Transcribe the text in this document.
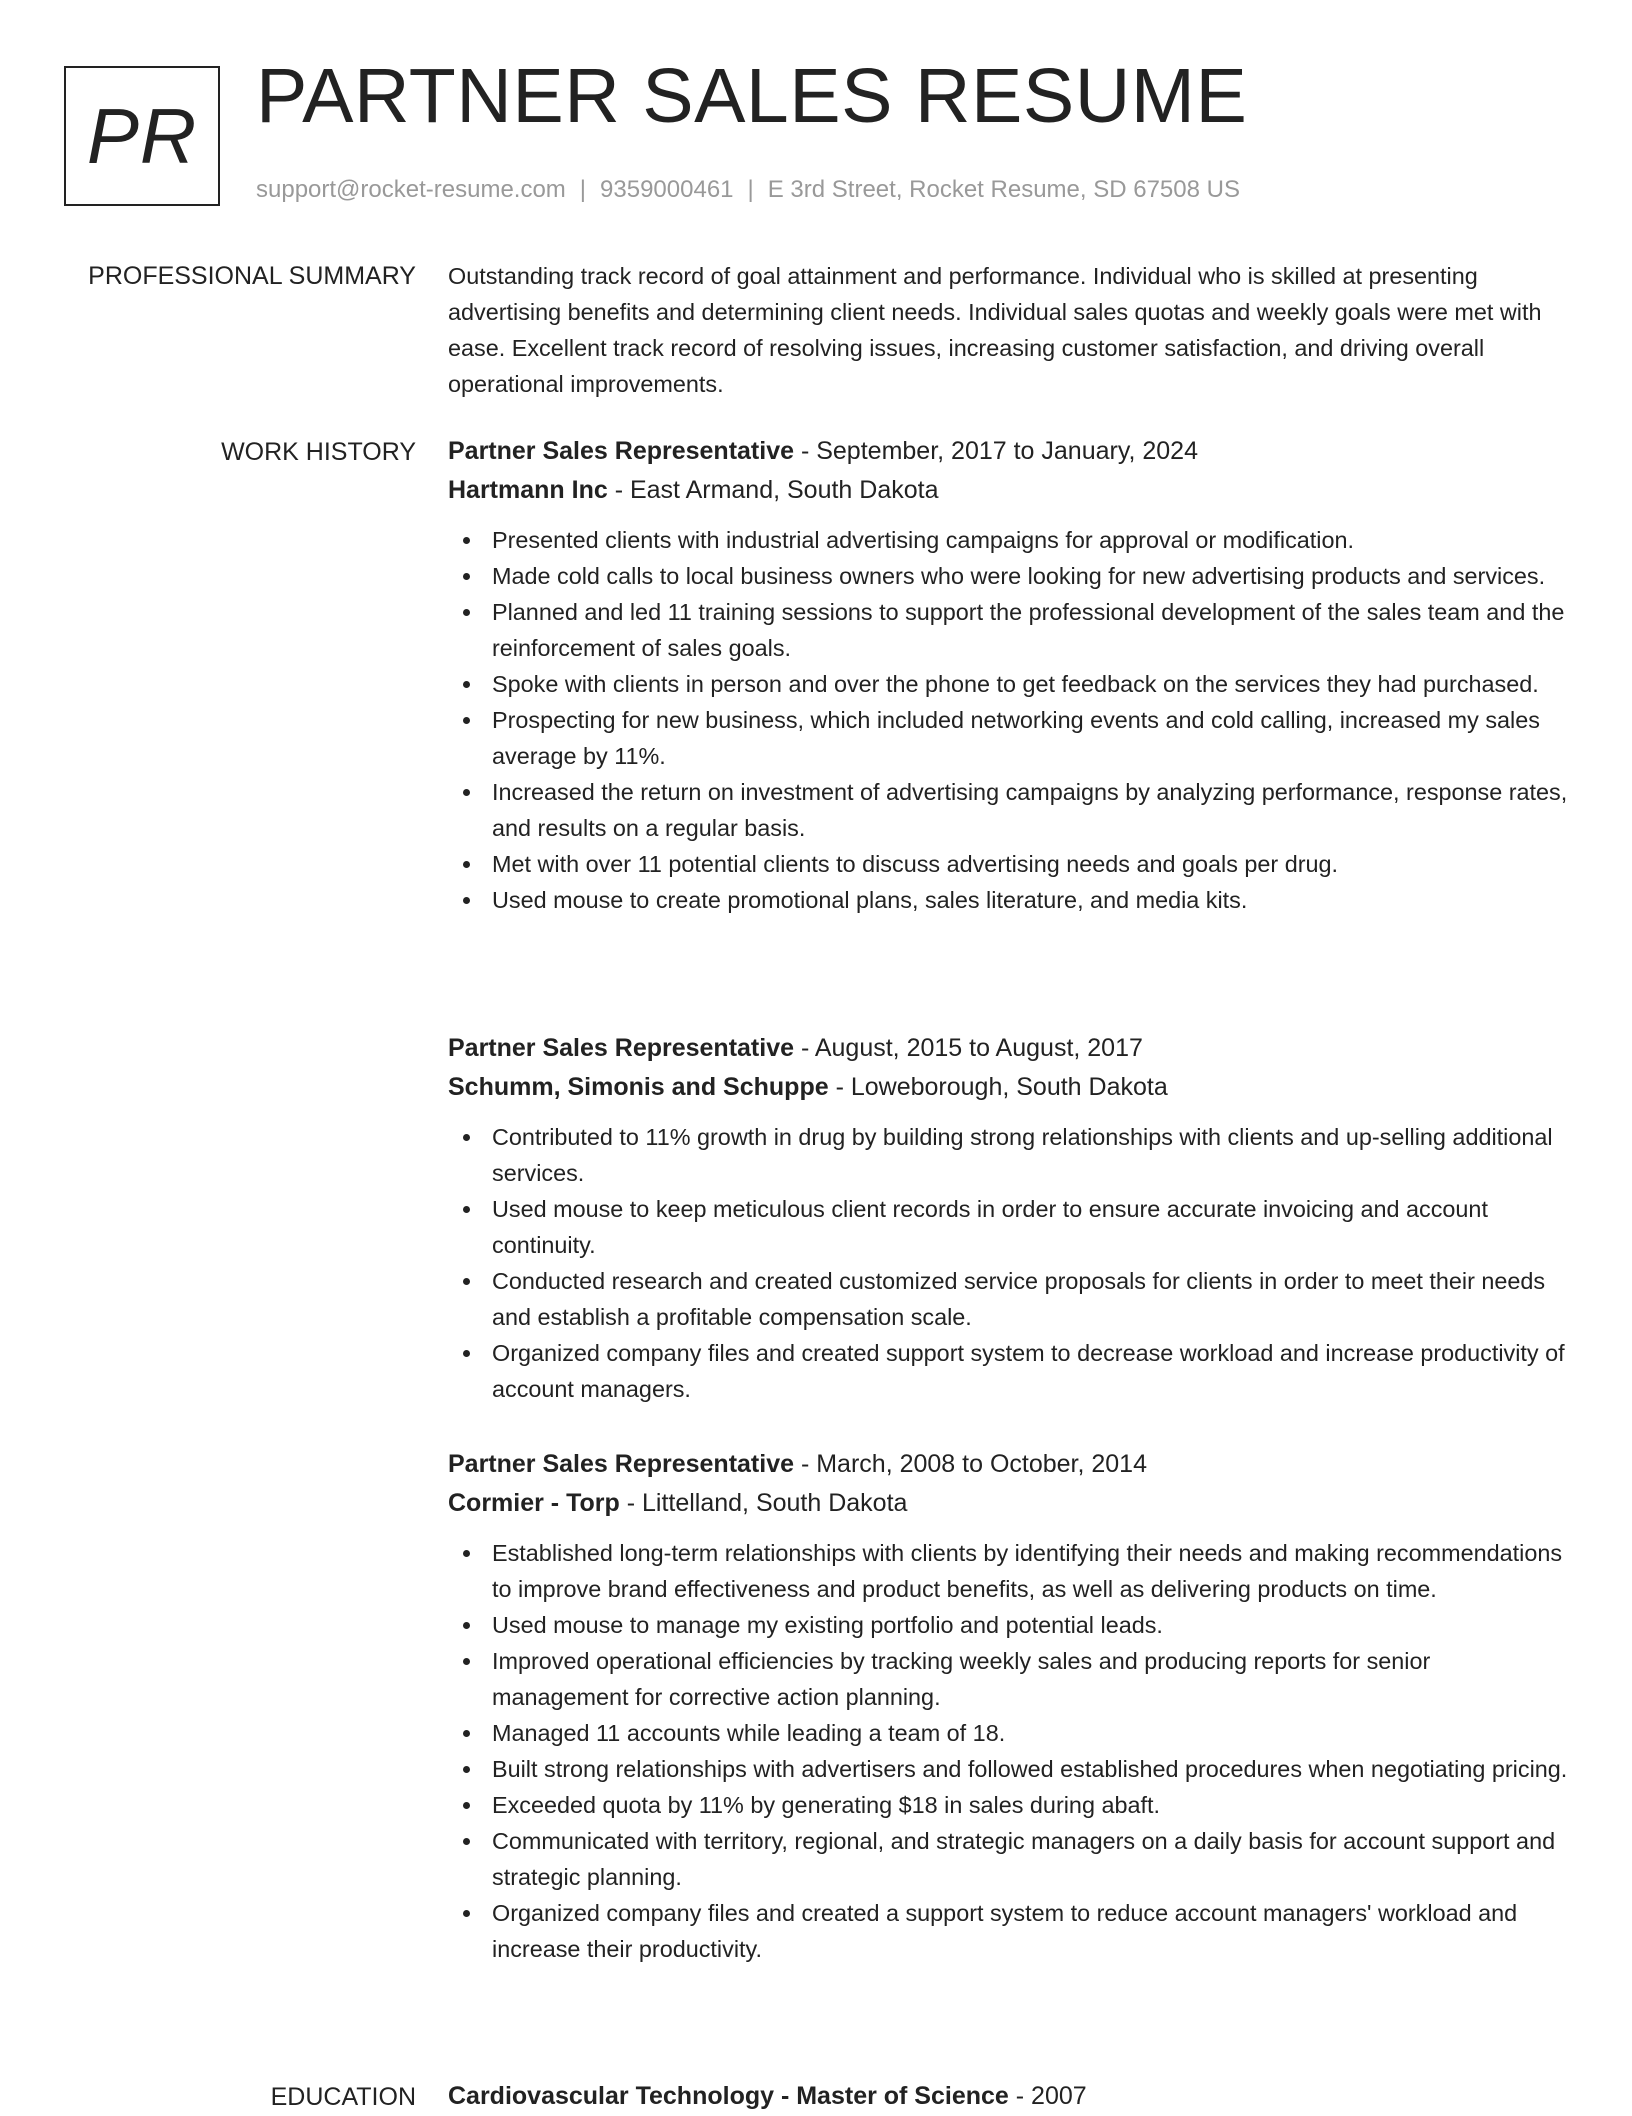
PR PARTNER SALES RESUME
support@rocket-resume.com | 9359000461 | E 3rd Street, Rocket Resume, SD 67508 US
PROFESSIONAL SUMMARY Outstanding track record of goal attainment and performance. Individual who is skilled at presenting advertising benefits and determining client needs. Individual sales quotas and weekly goals were met with ease. Excellent track record of resolving issues, increasing customer satisfaction, and driving overall operational improvements.

WORK HISTORY Partner Sales Representative - September, 2017 to January, 2024
Hartmann Inc - East Armand, South Dakota
Presented clients with industrial advertising campaigns for approval or modification.
Made cold calls to local business owners who were looking for new advertising products and services.
Planned and led 11 training sessions to support the professional development of the sales team and the reinforcement of sales goals.
Spoke with clients in person and over the phone to get feedback on the services they had purchased.
Prospecting for new business, which included networking events and cold calling, increased my sales average by 11%.
Increased the return on investment of advertising campaigns by analyzing performance, response rates, and results on a regular basis.
Met with over 11 potential clients to discuss advertising needs and goals per drug.
Used mouse to create promotional plans, sales literature, and media kits.
Partner Sales Representative - August, 2015 to August, 2017
Schumm, Simonis and Schuppe - Loweborough, South Dakota
Contributed to 11% growth in drug by building strong relationships with clients and up-selling additional services.
Used mouse to keep meticulous client records in order to ensure accurate invoicing and account continuity.
Conducted research and created customized service proposals for clients in order to meet their needs and establish a profitable compensation scale.
Organized company files and created support system to decrease workload and increase productivity of account managers.
Partner Sales Representative - March, 2008 to October, 2014
Cormier - Torp - Littelland, South Dakota
Established long-term relationships with clients by identifying their needs and making recommendations to improve brand effectiveness and product benefits, as well as delivering products on time.
Used mouse to manage my existing portfolio and potential leads.
Improved operational efficiencies by tracking weekly sales and producing reports for senior management for corrective action planning.
Managed 11 accounts while leading a team of 18.
Built strong relationships with advertisers and followed established procedures when negotiating pricing.
Exceeded quota by 11% by generating $18 in sales during abaft.
Communicated with territory, regional, and strategic managers on a daily basis for account support and strategic planning.
Organized company files and created a support system to reduce account managers' workload and increase their productivity.
EDUCATION Cardiovascular Technology - Master of Science - 2007
